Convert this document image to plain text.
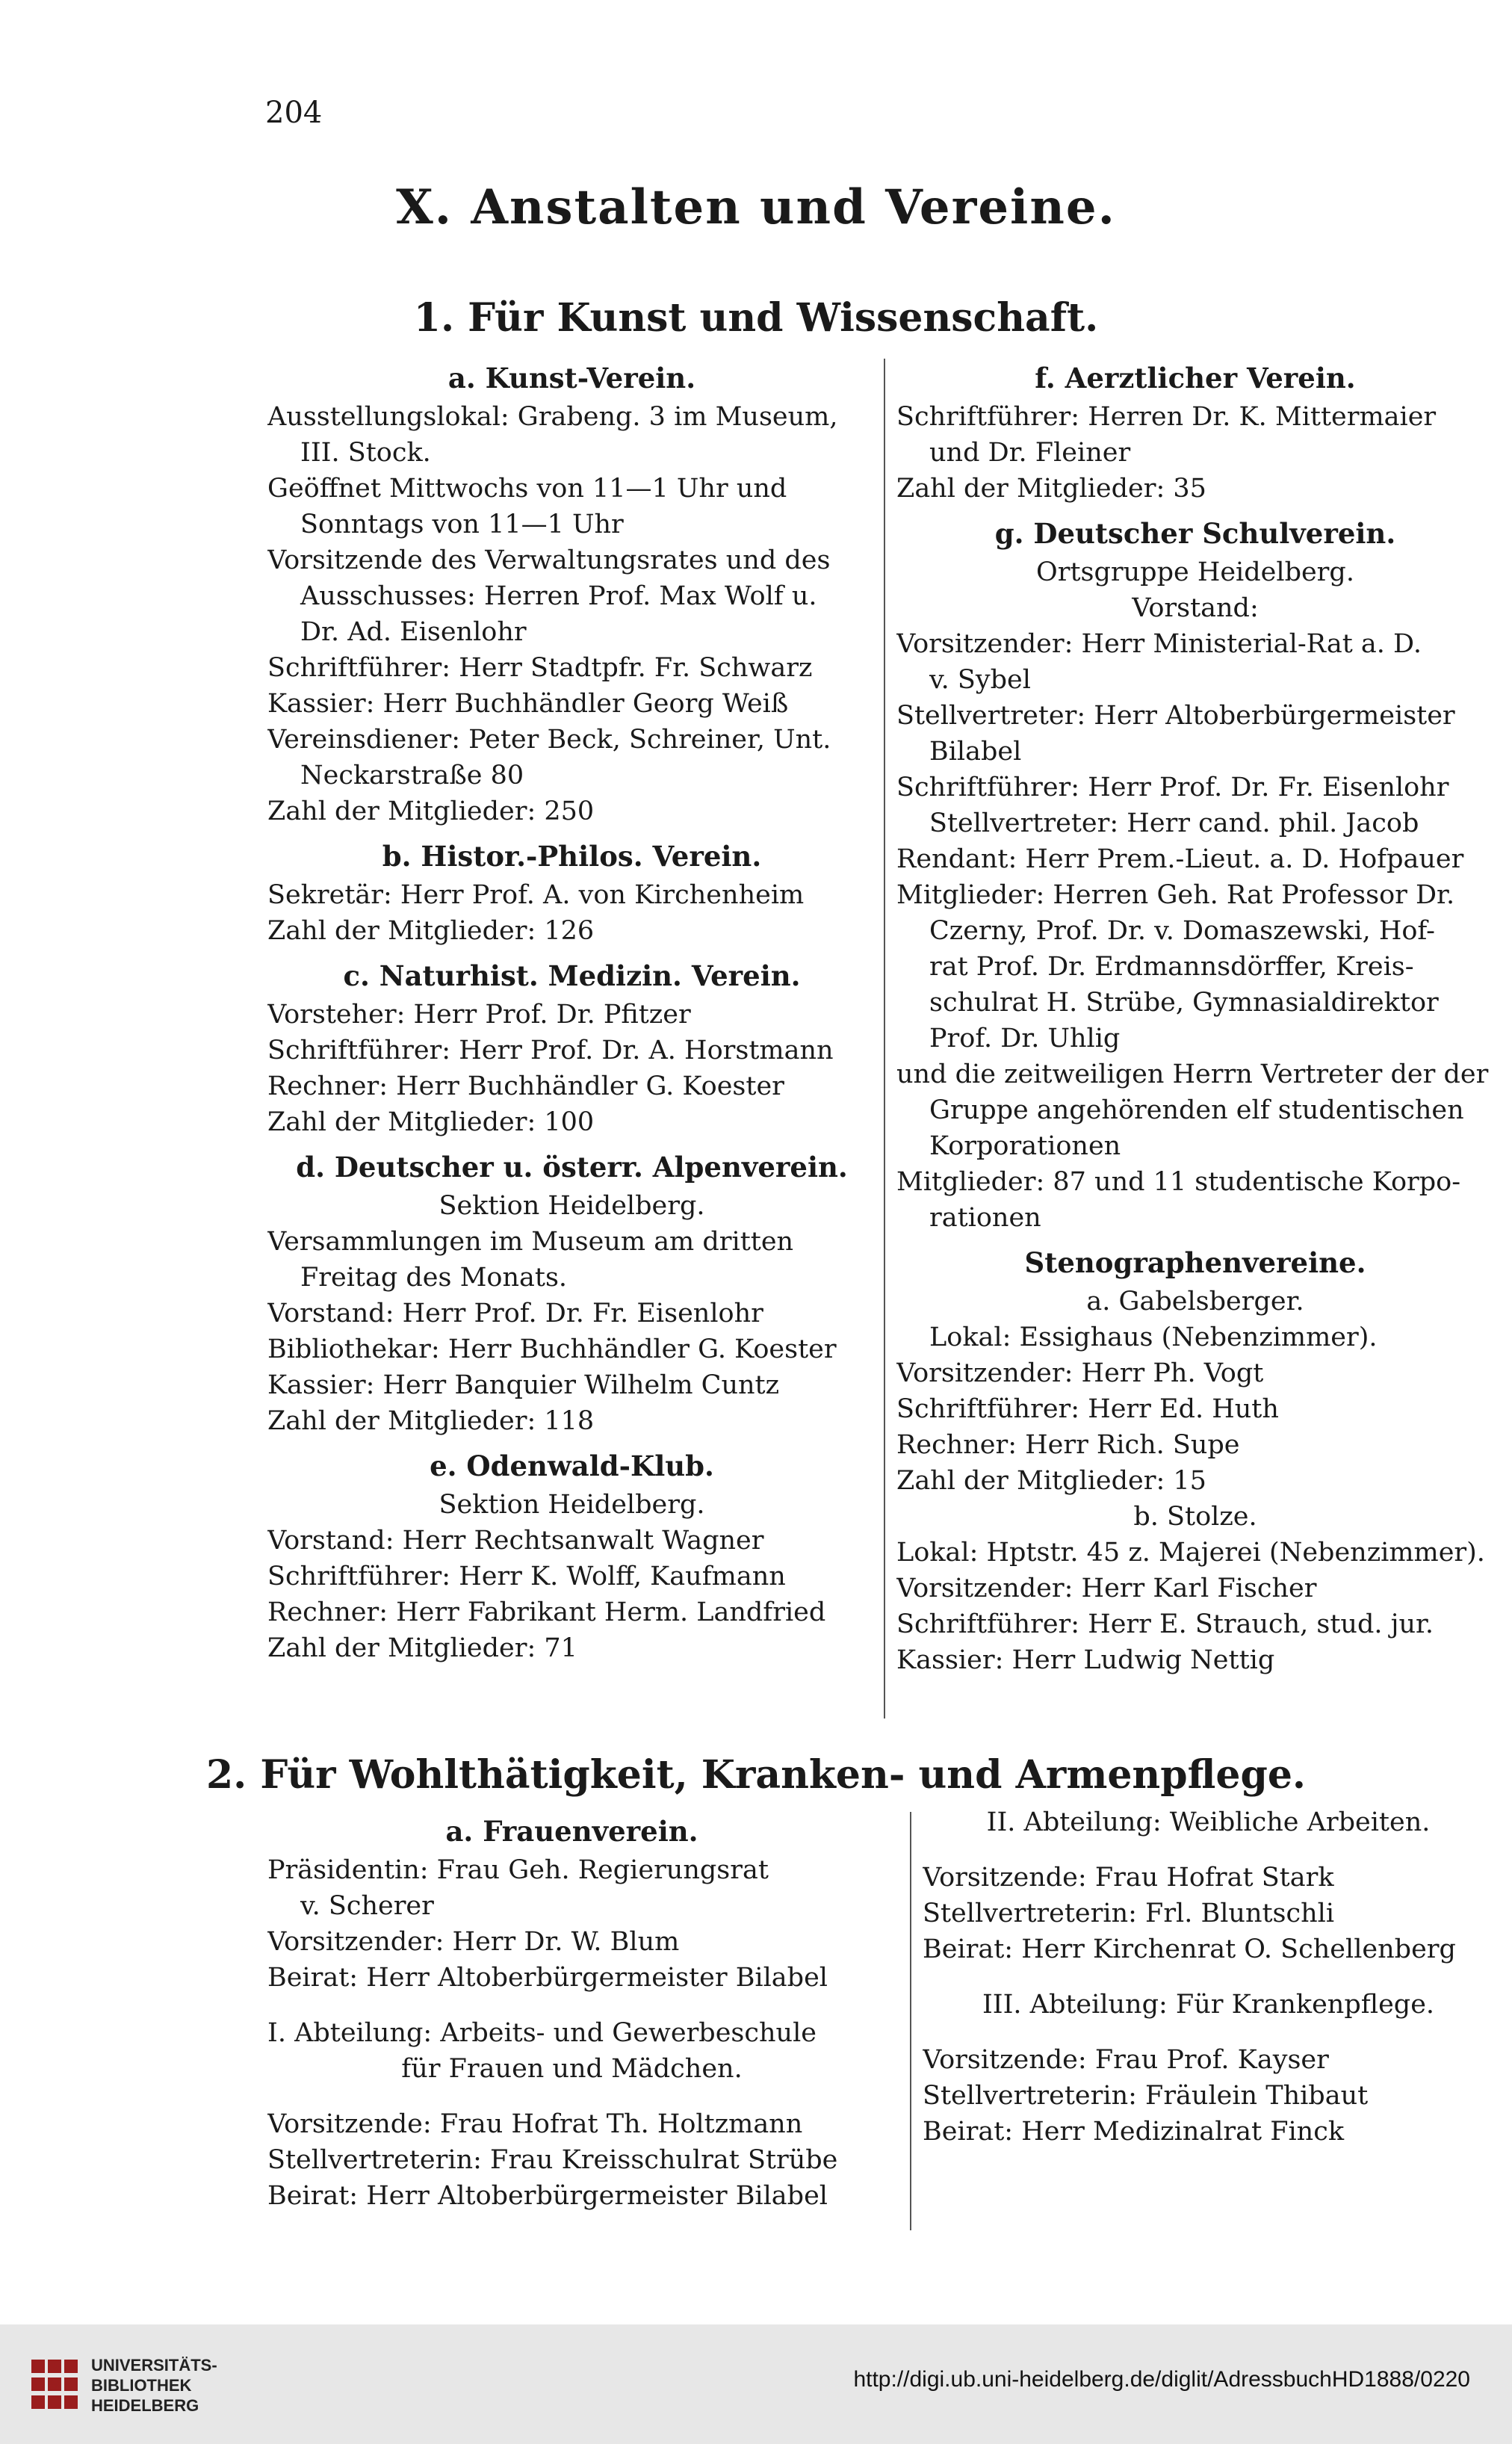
204
X. Anstalten und Vereine.
1. Für Kunst und Wissenschaft.
a. Kunst-Verein.
Ausstellungslokal: Grabeng. 3 im Museum,
III. Stock.
Geöffnet Mittwochs von 11—1 Uhr und
Sonntags von 11—1 Uhr
Vorsitzende des Verwaltungsrates und des
Ausschusses: Herren Prof. Max Wolf u.
Dr. Ad. Eisenlohr
Schriftführer: Herr Stadtpfr. Fr. Schwarz
Kassier: Herr Buchhändler Georg Weiß
Vereinsdiener: Peter Beck, Schreiner, Unt.
Neckarstraße 80
Zahl der Mitglieder: 250
b. Histor.-Philos. Verein.
Sekretär: Herr Prof. A. von Kirchenheim
Zahl der Mitglieder: 126
c. Naturhist. Medizin. Verein.
Vorsteher: Herr Prof. Dr. Pfitzer
Schriftführer: Herr Prof. Dr. A. Horstmann
Rechner: Herr Buchhändler G. Koester
Zahl der Mitglieder: 100
d. Deutscher u. österr. Alpenverein.
Sektion Heidelberg.
Versammlungen im Museum am dritten
Freitag des Monats.
Vorstand: Herr Prof. Dr. Fr. Eisenlohr
Bibliothekar: Herr Buchhändler G. Koester
Kassier: Herr Banquier Wilhelm Cuntz
Zahl der Mitglieder: 118
e. Odenwald-Klub.
Sektion Heidelberg.
Vorstand: Herr Rechtsanwalt Wagner
Schriftführer: Herr K. Wolff, Kaufmann
Rechner: Herr Fabrikant Herm. Landfried
Zahl der Mitglieder: 71
f. Aerztlicher Verein.
Schriftführer: Herren Dr. K. Mittermaier
und Dr. Fleiner
Zahl der Mitglieder: 35
g. Deutscher Schulverein.
Ortsgruppe Heidelberg.
Vorstand:
Vorsitzender: Herr Ministerial-Rat a. D.
v. Sybel
Stellvertreter: Herr Altoberbürgermeister
Bilabel
Schriftführer: Herr Prof. Dr. Fr. Eisenlohr
Stellvertreter: Herr cand. phil. Jacob
Rendant: Herr Prem.-Lieut. a. D. Hofpauer
Mitglieder: Herren Geh. Rat Professor Dr.
Czerny, Prof. Dr. v. Domaszewski, Hof-
rat Prof. Dr. Erdmannsdörffer, Kreis-
schulrat H. Strübe, Gymnasialdirektor
Prof. Dr. Uhlig
und die zeitweiligen Herrn Vertreter der der
Gruppe angehörenden elf studentischen
Korporationen
Mitglieder: 87 und 11 studentische Korpo-
rationen
Stenographenvereine.
a. Gabelsberger.
Lokal: Essighaus (Nebenzimmer).
Vorsitzender: Herr Ph. Vogt
Schriftführer: Herr Ed. Huth
Rechner: Herr Rich. Supe
Zahl der Mitglieder: 15
b. Stolze.
Lokal: Hptstr. 45 z. Majerei (Nebenzimmer).
Vorsitzender: Herr Karl Fischer
Schriftführer: Herr E. Strauch, stud. jur.
Kassier: Herr Ludwig Nettig
2. Für Wohlthätigkeit, Kranken- und Armenpflege.
a. Frauenverein.
Präsidentin: Frau Geh. Regierungsrat
v. Scherer
Vorsitzender: Herr Dr. W. Blum
Beirat: Herr Altoberbürgermeister Bilabel
I. Abteilung: Arbeits- und Gewerbeschule
für Frauen und Mädchen.
Vorsitzende: Frau Hofrat Th. Holtzmann
Stellvertreterin: Frau Kreisschulrat Strübe
Beirat: Herr Altoberbürgermeister Bilabel
II. Abteilung: Weibliche Arbeiten.
Vorsitzende: Frau Hofrat Stark
Stellvertreterin: Frl. Bluntschli
Beirat: Herr Kirchenrat O. Schellenberg
III. Abteilung: Für Krankenpflege.
Vorsitzende: Frau Prof. Kayser
Stellvertreterin: Fräulein Thibaut
Beirat: Herr Medizinalrat Finck
UNIVERSITÄTS-
BIBLIOTHEK
HEIDELBERG
http://digi.ub.uni-heidelberg.de/diglit/AdressbuchHD1888/0220
